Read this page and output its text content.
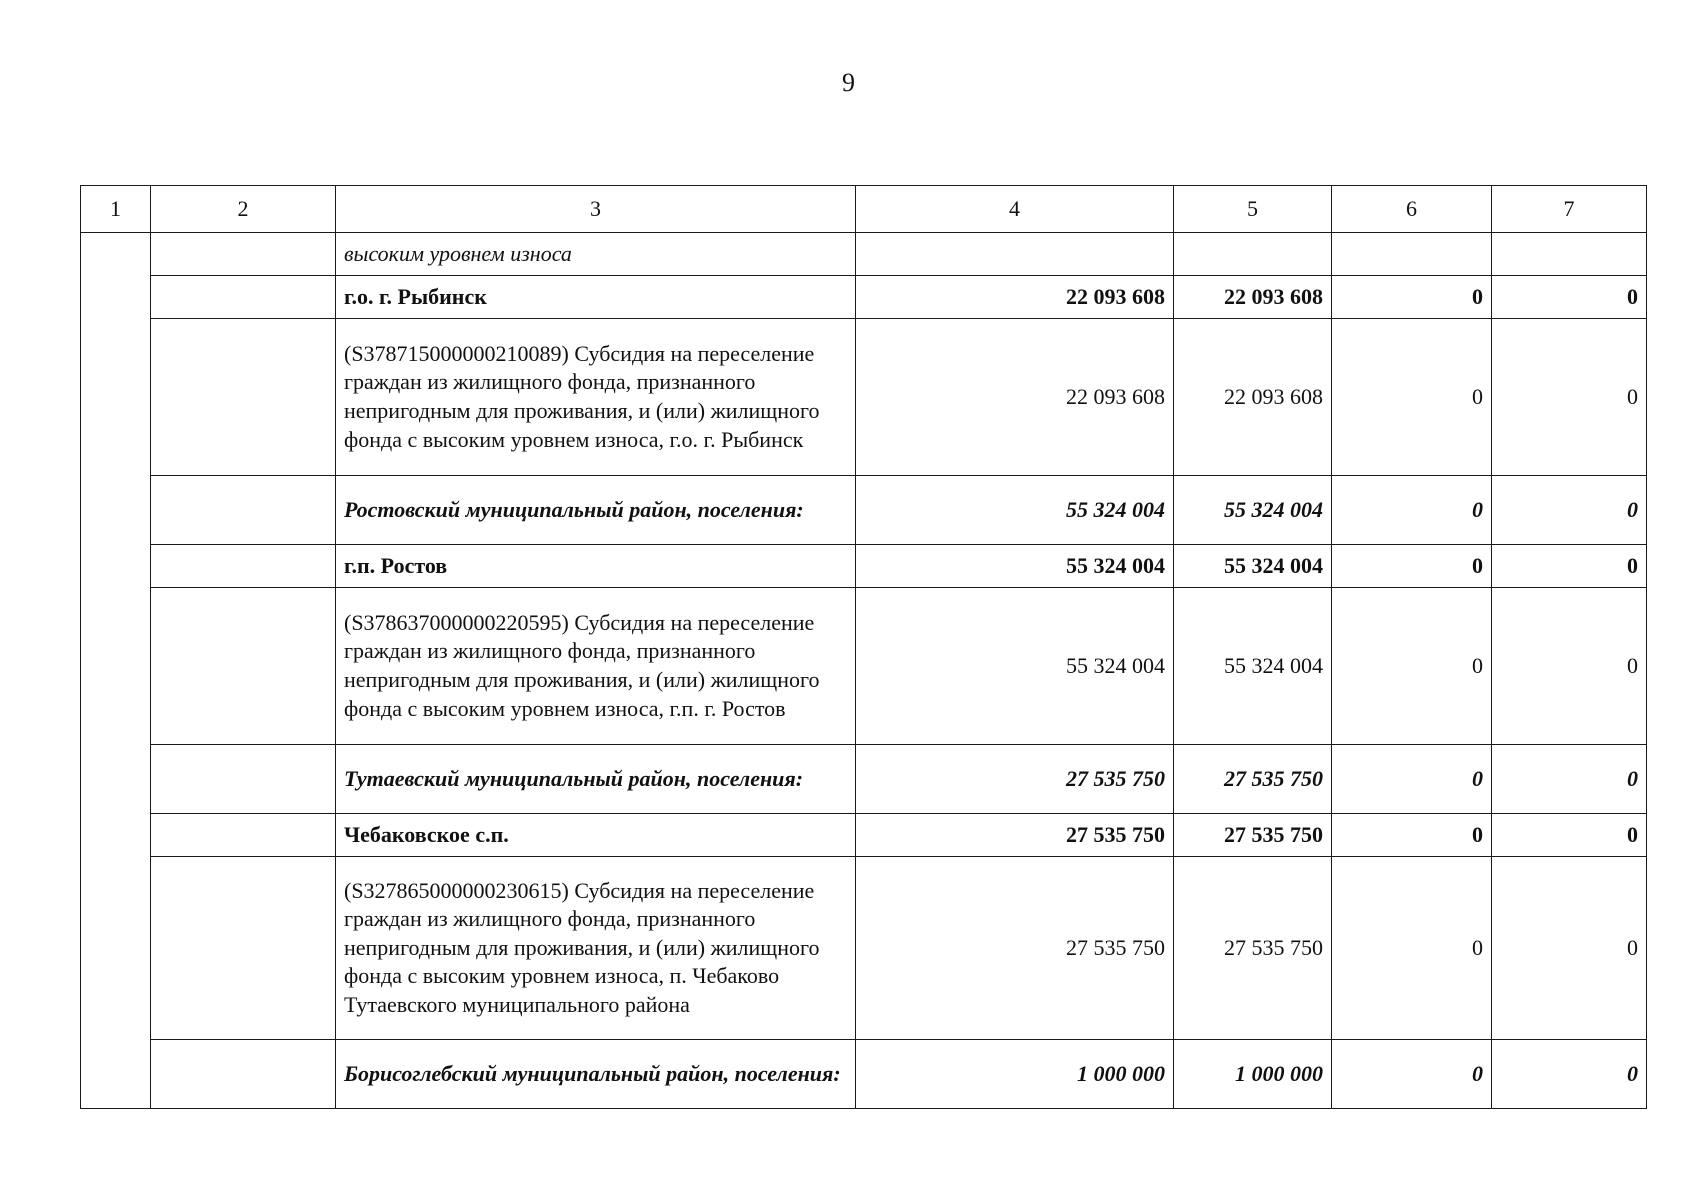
9
1	2	3	4	5	6	7
		высоким уровнем износа				
		г.о. г. Рыбинск	22 093 608	22 093 608	0	0
		(S378715000000210089) Субсидия на переселение граждан из жилищного фонда, признанного непригодным для проживания, и (или) жилищного фонда с высоким уровнем износа, г.о. г. Рыбинск	22 093 608	22 093 608	0	0
		Ростовский муниципальный район, поселения:	55 324 004	55 324 004	0	0
		г.п. Ростов	55 324 004	55 324 004	0	0
		(S378637000000220595) Субсидия на переселение граждан из жилищного фонда, признанного непригодным для проживания, и (или) жилищного фонда с высоким уровнем износа, г.п. г. Ростов	55 324 004	55 324 004	0	0
		Тутаевский муниципальный район, поселения:	27 535 750	27 535 750	0	0
		Чебаковское с.п.	27 535 750	27 535 750	0	0
		(S327865000000230615) Субсидия на переселение граждан из жилищного фонда, признанного непригодным для проживания, и (или) жилищного фонда с высоким уровнем износа, п. Чебаково Тутаевского муниципального района	27 535 750	27 535 750	0	0
		Борисоглебский муниципальный район, поселения:	1 000 000	1 000 000	0	0
